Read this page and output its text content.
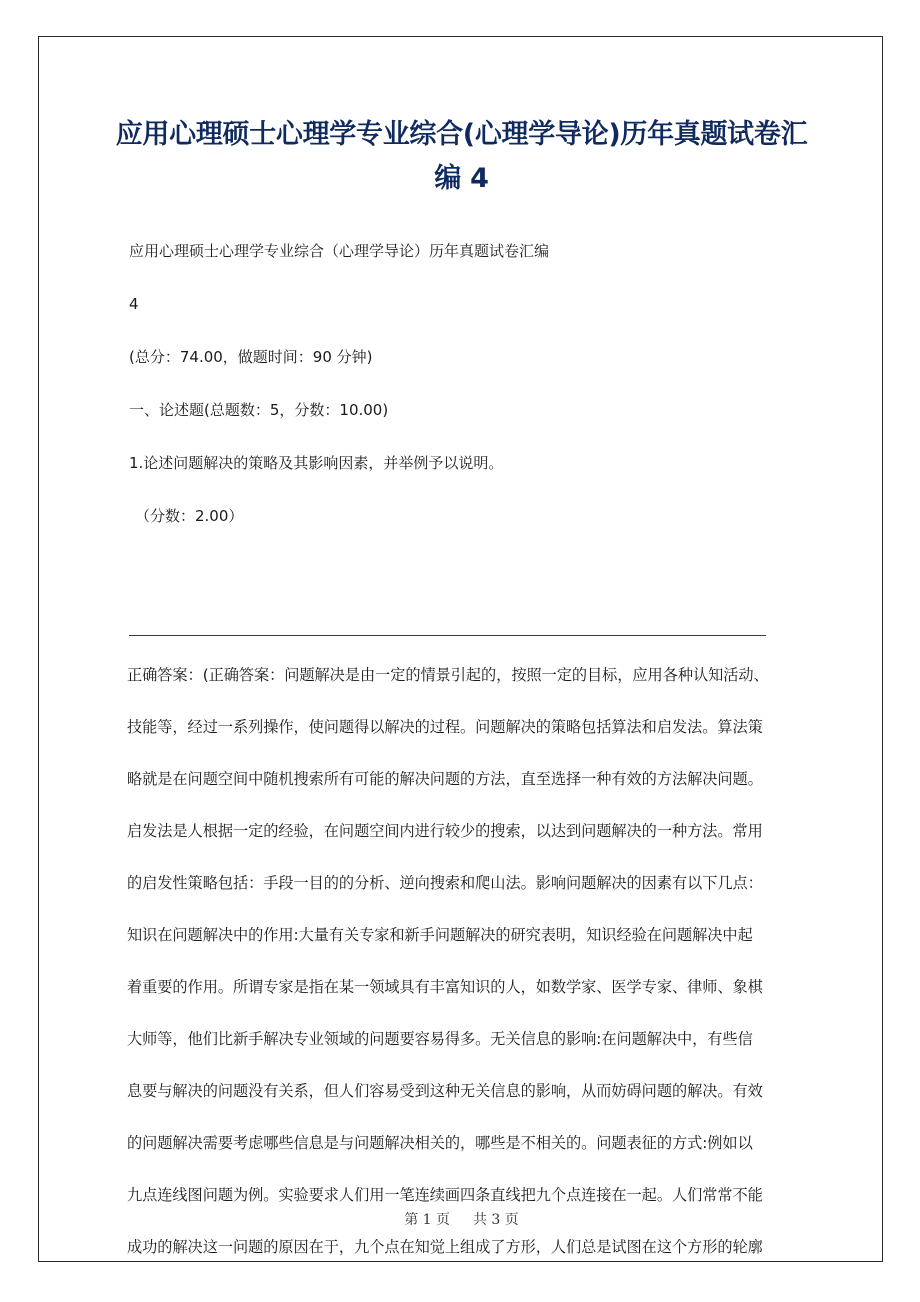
应用心理硕士心理学专业综合(心理学导论)历年真题试卷汇
编 4
应用心理硕士心理学专业综合（心理学导论）历年真题试卷汇编
4
(总分：74.00，做题时间：90 分钟)
一、论述题(总题数：5，分数：10.00)
1.论述问题解决的策略及其影响因素，并举例予以说明。
（分数：2.00）
正确答案：(正确答案：问题解决是由一定的情景引起的，按照一定的目标，应用各种认知活动、
技能等，经过一系列操作，使问题得以解决的过程。问题解决的策略包括算法和启发法。算法策
略就是在问题空间中随机搜索所有可能的解决问题的方法，直至选择一种有效的方法解决问题。
启发法是人根据一定的经验，在问题空间内进行较少的搜索，以达到问题解决的一种方法。常用
的启发性策略包括：手段一目的的分析、逆向搜索和爬山法。影响问题解决的因素有以下几点：
知识在问题解决中的作用:大量有关专家和新手问题解决的研究表明，知识经验在问题解决中起
着重要的作用。所谓专家是指在某一领域具有丰富知识的人，如数学家、医学专家、律师、象棋
大师等，他们比新手解决专业领域的问题要容易得多。无关信息的影响:在问题解决中，有些信
息要与解决的问题没有关系，但人们容易受到这种无关信息的影响，从而妨碍问题的解决。有效
的问题解决需要考虑哪些信息是与问题解决相关的，哪些是不相关的。问题表征的方式:例如以
九点连线图问题为例。实验要求人们用一笔连续画四条直线把九个点连接在一起。人们常常不能
成功的解决这一问题的原因在于，九个点在知觉上组成了方形，人们总是试图在这个方形的轮廓
第 1 页 共 3 页
